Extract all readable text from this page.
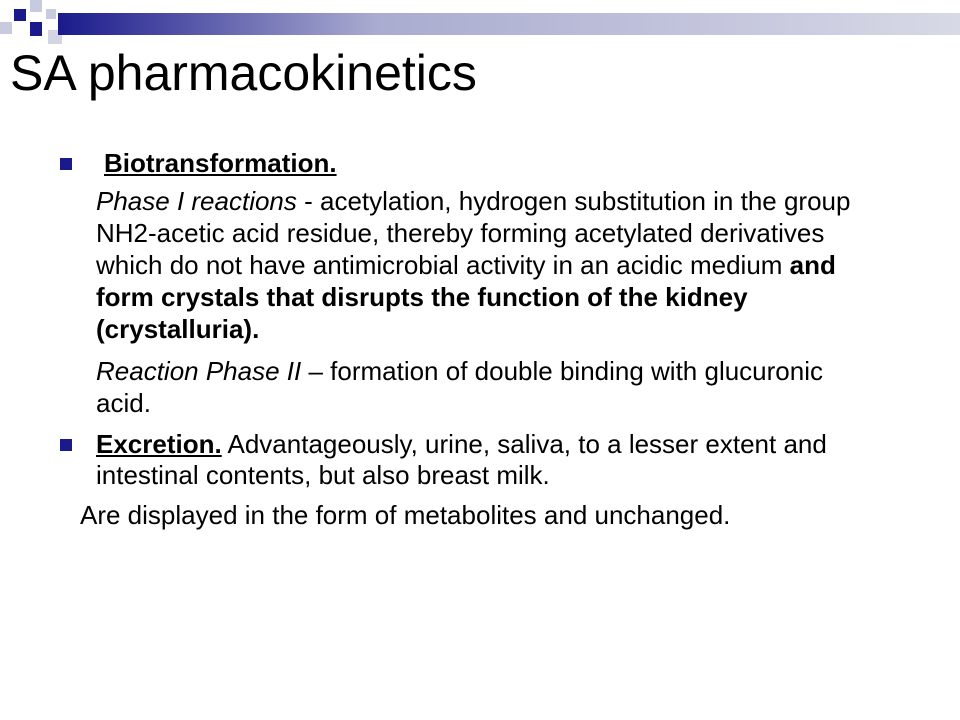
SA pharmacokinetics
Biotransformation.
Phase I reactions - acetylation, hydrogen substitution in the group NH2-acetic acid residue, thereby forming acetylated derivatives which do not have antimicrobial activity in an acidic medium and form crystals that disrupts the function of the kidney (crystalluria).
Reaction Phase II – formation of double binding with glucuronic acid.
Excretion. Advantageously, urine, saliva, to a lesser extent and intestinal contents, but also breast milk.
Are displayed in the form of metabolites and unchanged.
